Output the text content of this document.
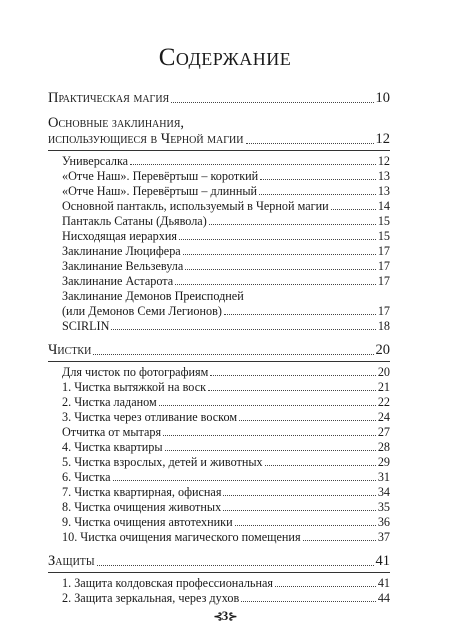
Содержание
Практическая магия	10
Основные заклинания,
использующиеся в Черной магии	12
Универсалка	12
«Отче Наш». Перевёртыш – короткий	13
«Отче Наш». Перевёртыш – длинный	13
Основной пантакль, используемый в Черной магии	14
Пантакль Сатаны (Дьявола)	15
Нисходящая иерархия	15
Заклинание Люцифера	17
Заклинание Вельзевула	17
Заклинание Астарота	17
Заклинание Демонов Преисподней
(или Демонов Семи Легионов)	17
SCIRLIN	18
Чистки	20
Для чисток по фотографиям	20
1. Чистка вытяжкой на воск	21
2. Чистка ладаном	22
3. Чистка через отливание воском	24
Отчитка от мытаря	27
4. Чистка квартиры	28
5. Чистка взрослых, детей и животных	29
6. Чистка	31
7. Чистка квартирная, офисная	34
8. Чистка очищения животных	35
9. Чистка очищения автотехники	36
10. Чистка очищения магического помещения	37
Защиты	41
1. Защита колдовская профессиональная	41
2. Защита зеркальная, через духов	44
⊰3⊱
